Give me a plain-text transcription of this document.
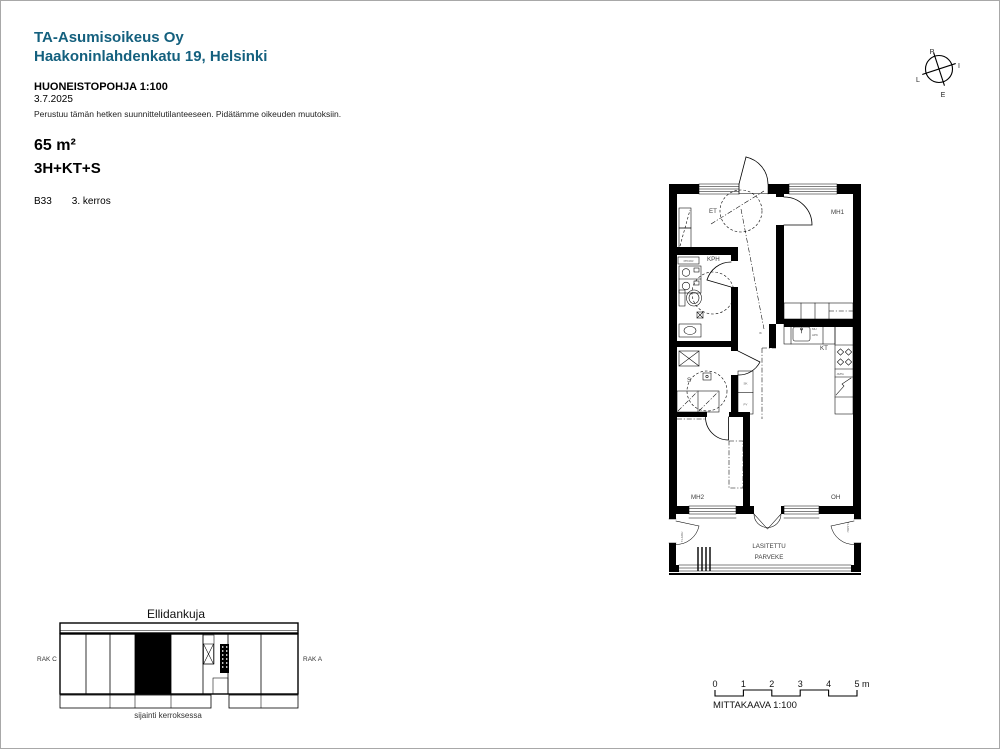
TA-Asumisoikeus Oy
Haakoninlahdenkatu 19, Helsinki
HUONEISTOPOHJA 1:100
3.7.2025
Perustuu tämän hetken suunnittelutilanteeseen. Pidätämme oikeuden muutoksiin.
65 m²
3H+KT+S
B33 3. kerros
P
I
E
L
ET	MH1
KPH
KT
S
MH2	OH
LASITETTU
PARVEKE
PPK/KR
MU
APK
JK/PA
IK
SK
PY
T-LIUKU
T-LIUKU
Ellidankuja
RAK C	RAK A
sijainti kerroksessa
0	1	2	3	4	5 m
MITTAKAAVA 1:100
